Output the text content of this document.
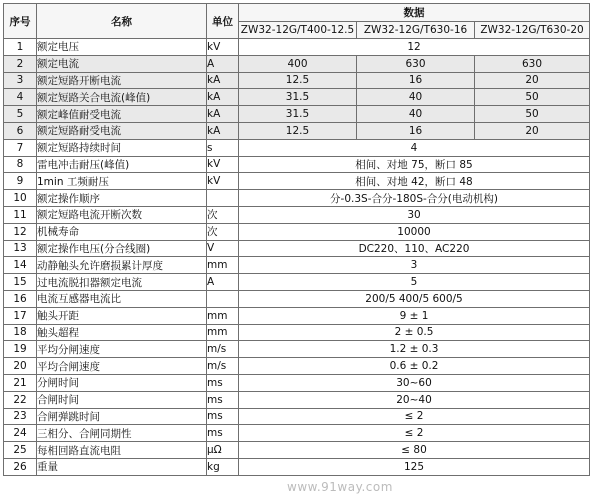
序号	名称	单位	数据		
			ZW32-12G/T400-12.5	ZW32-12G/T630-16	ZW32-12G/T630-20
1	额定电压	kV	12		
2	额定电流	A	400	630	630
3	额定短路开断电流	kA	12.5	16	20
4	额定短路关合电流(峰值)	kA	31.5	40	50
5	额定峰值耐受电流	kA	31.5	40	50
6	额定短路耐受电流	kA	12.5	16	20
7	额定短路持续时间	s	4		
8	雷电冲击耐压(峰值)	kV	相间、对地 75，断口 85		
9	1min 工频耐压	kV	相间、对地 42，断口 48		
10	额定操作顺序		分-0.3S-合分-180S-合分(电动机构)		
11	额定短路电流开断次数	次	30		
12	机械寿命	次	10000		
13	额定操作电压(分合线圈)	V	DC220、110、AC220		
14	动静触头允许磨损累计厚度	mm	3		
15	过电流脱扣器额定电流	A	5		
16	电流互感器电流比		200/5 400/5 600/5		
17	触头开距	mm	9 ± 1		
18	触头超程	mm	2 ± 0.5		
19	平均分闸速度	m/s	1.2 ± 0.3		
20	平均合闸速度	m/s	0.6 ± 0.2		
21	分闸时间	ms	30~60		
22	合闸时间	ms	20~40		
23	合闸弹跳时间	ms	≤ 2		
24	三相分、合闸同期性	ms	≤ 2		
25	每相回路直流电阻	μΩ	≤ 80		
26	重量	kg	125		
www.91way.com
